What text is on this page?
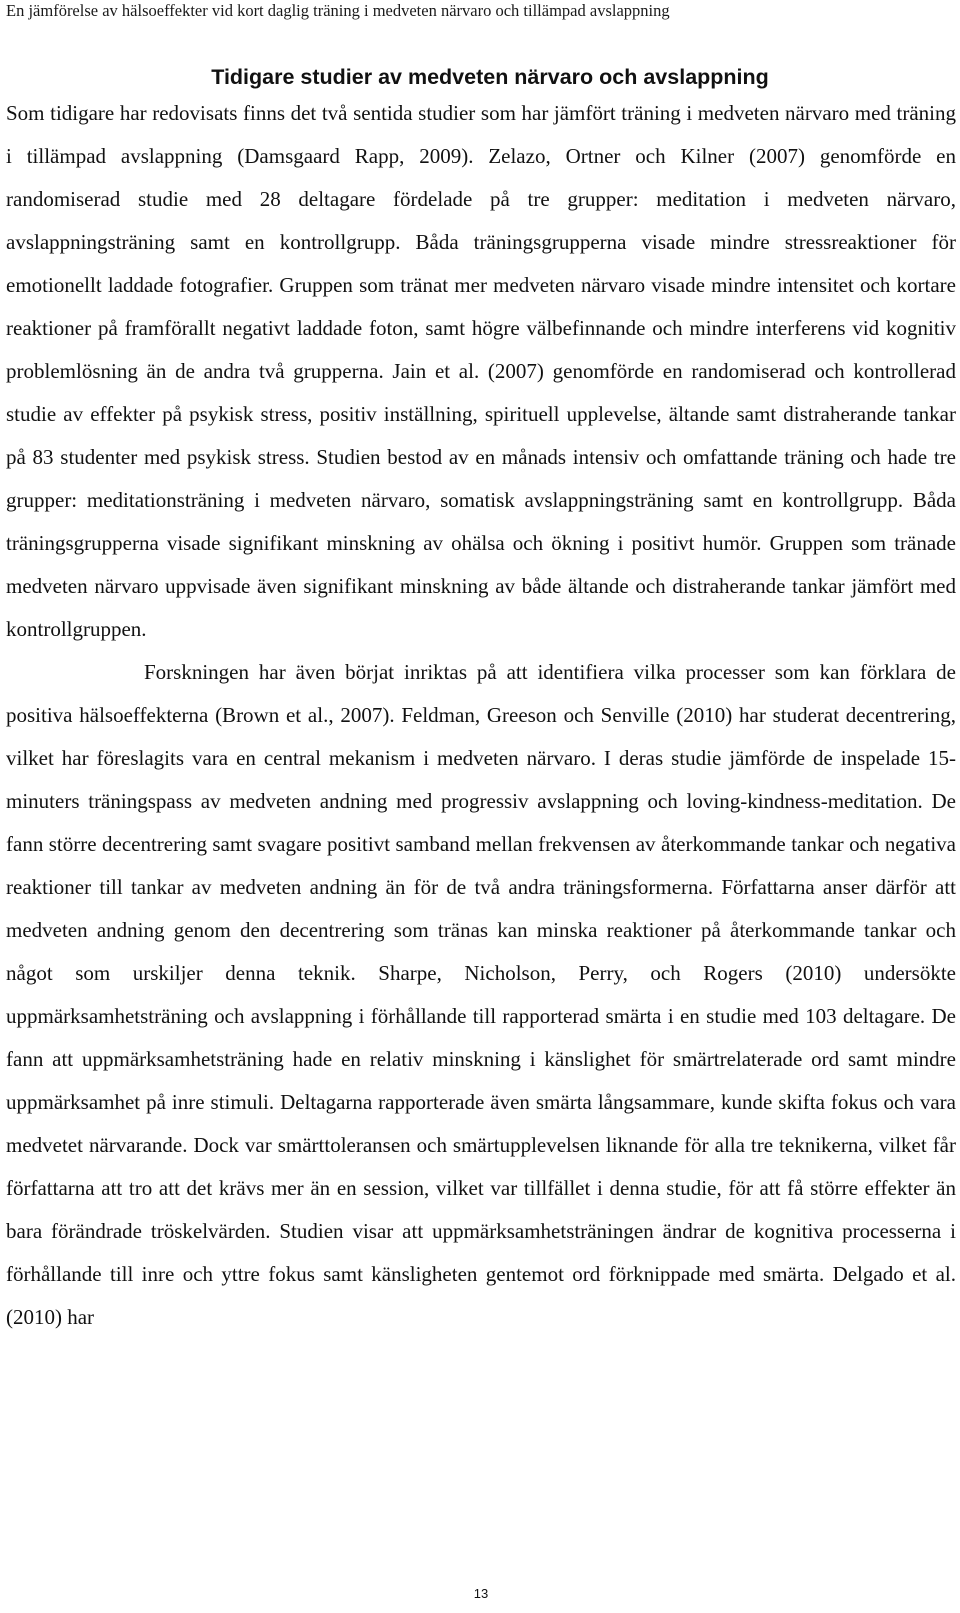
En jämförelse av hälsoeffekter vid kort daglig träning i medveten närvaro och tillämpad avslappning
Tidigare studier av medveten närvaro och avslappning

Som tidigare har redovisats finns det två sentida studier som har jämfört träning i medveten närvaro med träning i tillämpad avslappning (Damsgaard Rapp, 2009). Zelazo, Ortner och Kilner (2007) genomförde en randomiserad studie med 28 deltagare fördelade på tre grupper: meditation i medveten närvaro, avslappningsträning samt en kontrollgrupp. Båda träningsgrupperna visade mindre stressreaktioner för emotionellt laddade fotografier. Gruppen som tränat mer medveten närvaro visade mindre intensitet och kortare reaktioner på framförallt negativt laddade foton, samt högre välbefinnande och mindre interferens vid kognitiv problemlösning än de andra två grupperna. Jain et al. (2007) genomförde en randomiserad och kontrollerad studie av effekter på psykisk stress, positiv inställning, spirituell upplevelse, ältande samt distraherande tankar på 83 studenter med psykisk stress. Studien bestod av en månads intensiv och omfattande träning och hade tre grupper: meditationsträning i medveten närvaro, somatisk avslappningsträning samt en kontrollgrupp. Båda träningsgrupperna visade signifikant minskning av ohälsa och ökning i positivt humör. Gruppen som tränade medveten närvaro uppvisade även signifikant minskning av både ältande och distraherande tankar jämfört med kontrollgruppen.

Forskningen har även börjat inriktas på att identifiera vilka processer som kan förklara de positiva hälsoeffekterna (Brown et al., 2007). Feldman, Greeson och Senville (2010) har studerat decentrering, vilket har föreslagits vara en central mekanism i medveten närvaro. I deras studie jämförde de inspelade 15-minuters träningspass av medveten andning med progressiv avslappning och loving-kindness-meditation. De fann större decentrering samt svagare positivt samband mellan frekvensen av återkommande tankar och negativa reaktioner till tankar av medveten andning än för de två andra träningsformerna. Författarna anser därför att medveten andning genom den decentrering som tränas kan minska reaktioner på återkommande tankar och något som urskiljer denna teknik. Sharpe, Nicholson, Perry, och Rogers (2010) undersökte uppmärksamhetsträning och avslappning i förhållande till rapporterad smärta i en studie med 103 deltagare. De fann att uppmärksamhetsträning hade en relativ minskning i känslighet för smärtrelaterade ord samt mindre uppmärksamhet på inre stimuli. Deltagarna rapporterade även smärta långsammare, kunde skifta fokus och vara medvetet närvarande. Dock var smärttoleransen och smärtupplevelsen liknande för alla tre teknikerna, vilket får författarna att tro att det krävs mer än en session, vilket var tillfället i denna studie, för att få större effekter än bara förändrade tröskelvärden. Studien visar att uppmärksamhetsträningen ändrar de kognitiva processerna i förhållande till inre och yttre fokus samt känsligheten gentemot ord förknippade med smärta. Delgado et al. (2010) har

13
